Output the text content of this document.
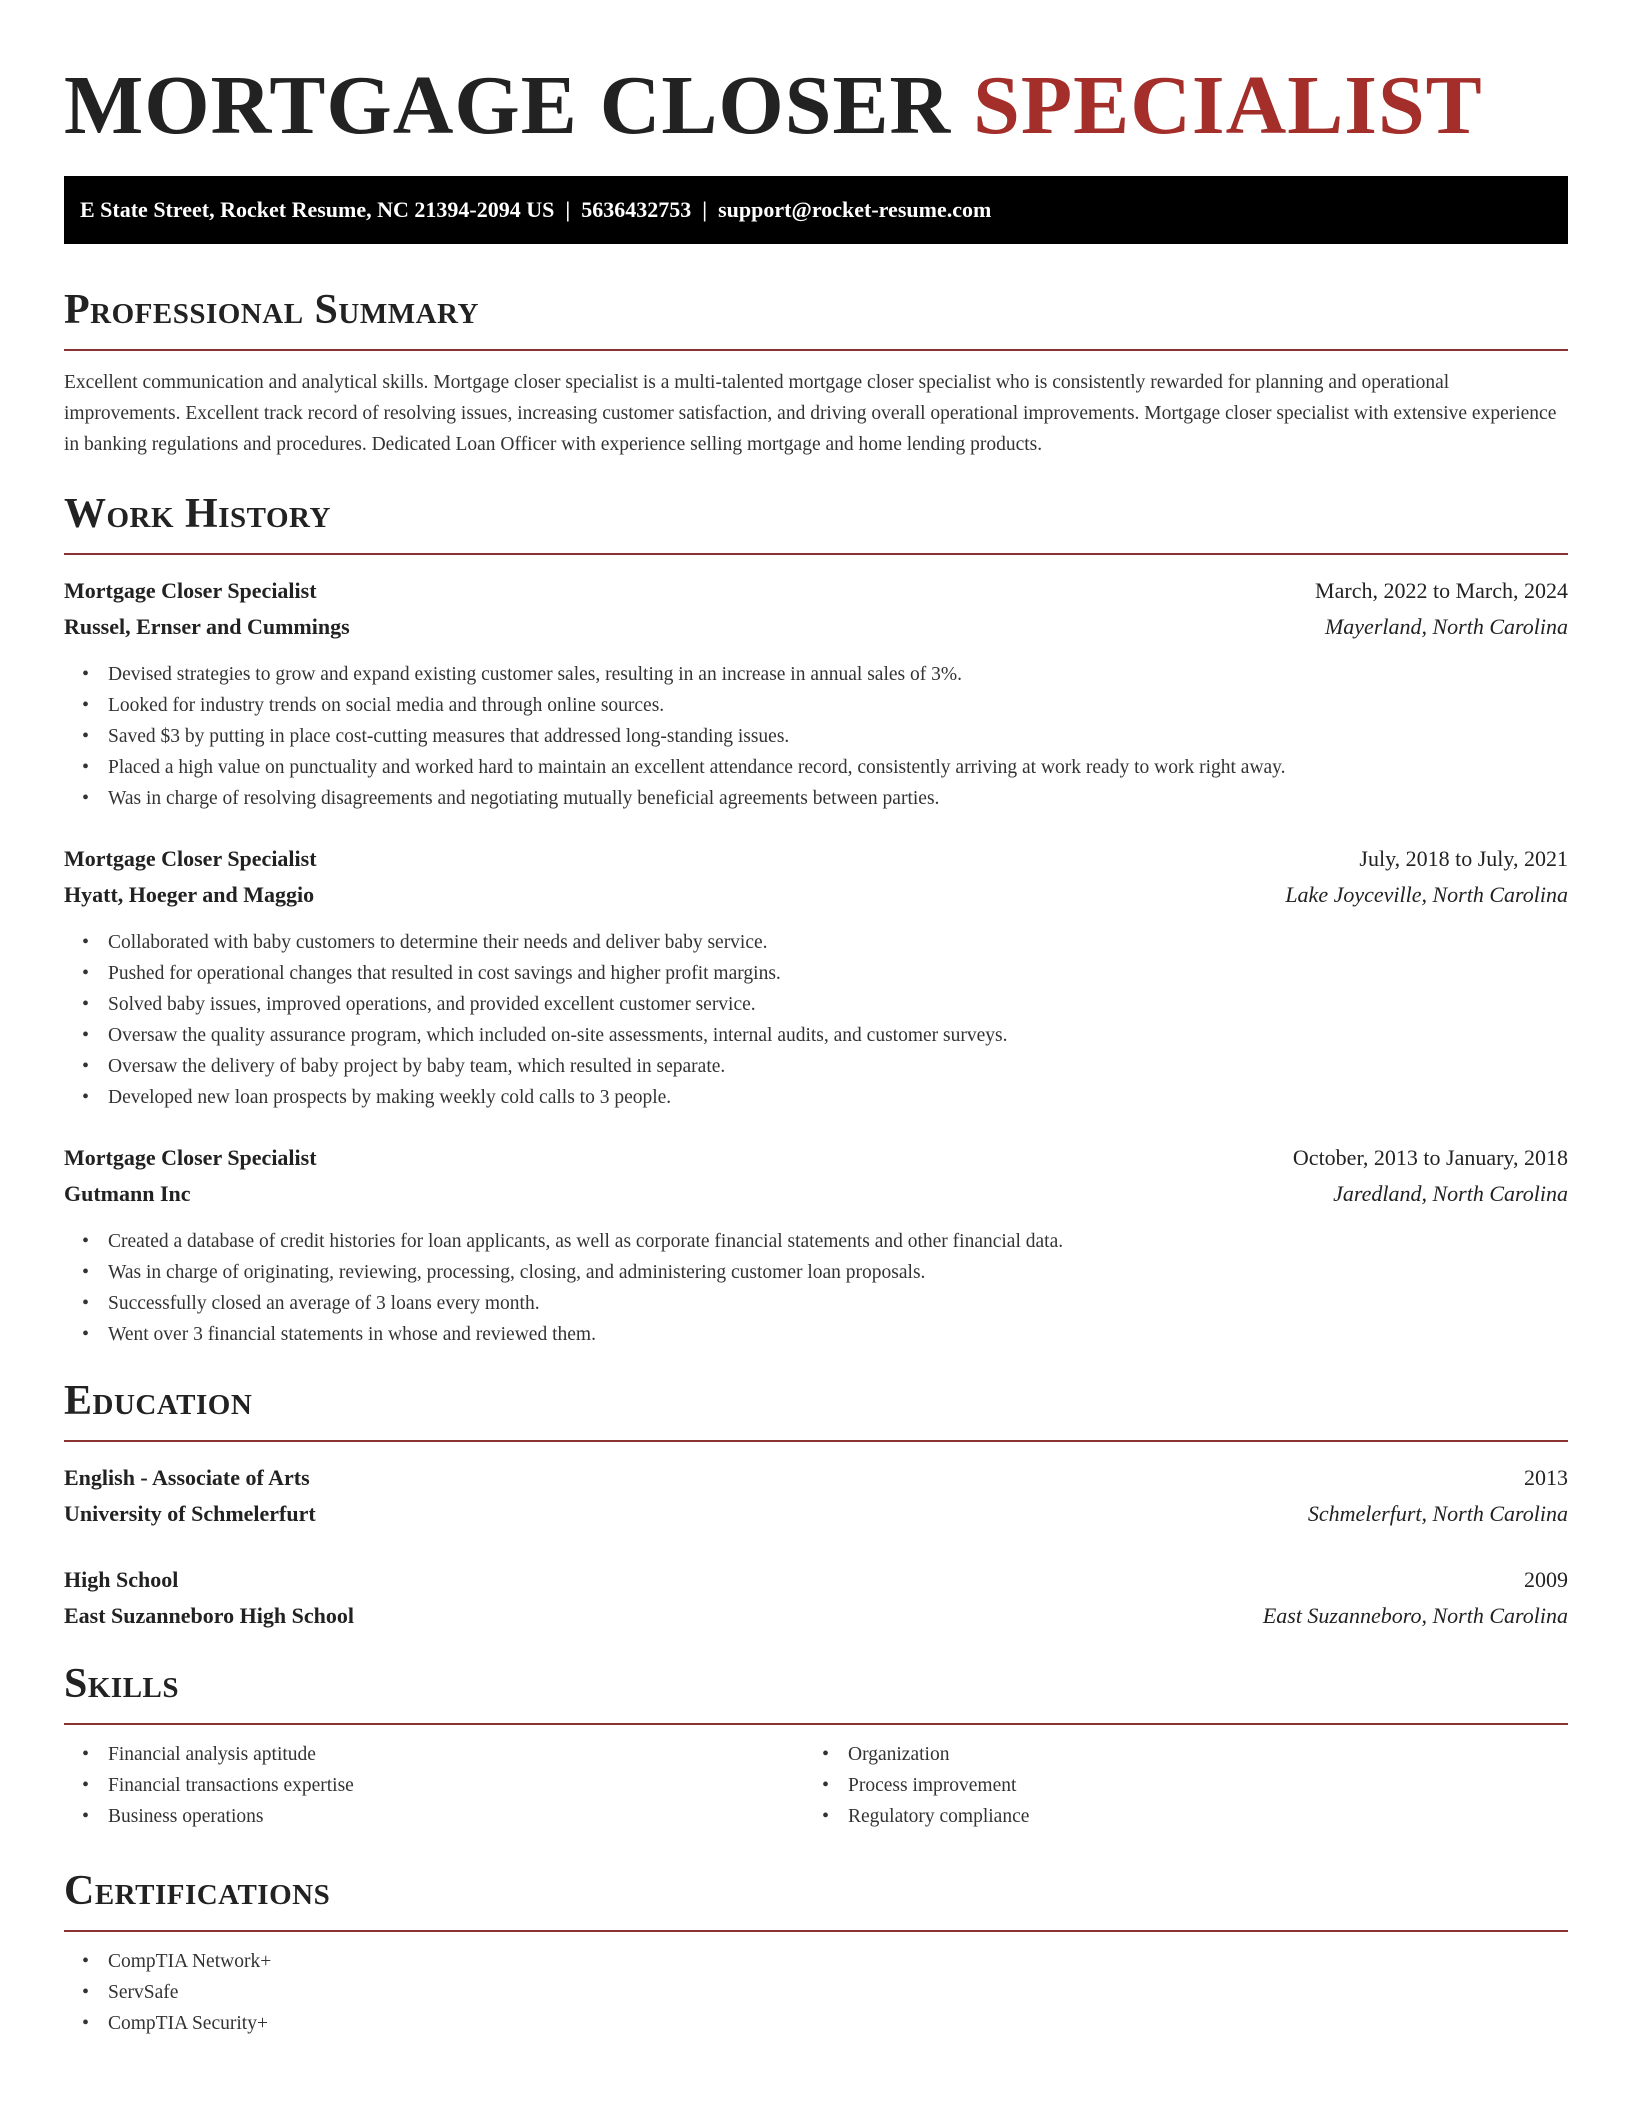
MORTGAGE CLOSER SPECIALIST
E State Street, Rocket Resume, NC 21394-2094 US | 5636432753 | support@rocket-resume.com
Professional Summary

Excellent communication and analytical skills. Mortgage closer specialist is a multi-talented mortgage closer specialist who is consistently rewarded for planning and operational improvements. Excellent track record of resolving issues, increasing customer satisfaction, and driving overall operational improvements. Mortgage closer specialist with extensive experience in banking regulations and procedures. Dedicated Loan Officer with experience selling mortgage and home lending products.

Work History
Mortgage Closer Specialist	March, 2022 to March, 2024
Russel, Ernser and Cummings	Mayerland, North Carolina
• Devised strategies to grow and expand existing customer sales, resulting in an increase in annual sales of 3%.
• Looked for industry trends on social media and through online sources.
• Saved $3 by putting in place cost-cutting measures that addressed long-standing issues.
• Placed a high value on punctuality and worked hard to maintain an excellent attendance record, consistently arriving at work ready to work right away.
• Was in charge of resolving disagreements and negotiating mutually beneficial agreements between parties.
Mortgage Closer Specialist	July, 2018 to July, 2021
Hyatt, Hoeger and Maggio	Lake Joyceville, North Carolina
• Collaborated with baby customers to determine their needs and deliver baby service.
• Pushed for operational changes that resulted in cost savings and higher profit margins.
• Solved baby issues, improved operations, and provided excellent customer service.
• Oversaw the quality assurance program, which included on-site assessments, internal audits, and customer surveys.
• Oversaw the delivery of baby project by baby team, which resulted in separate.
• Developed new loan prospects by making weekly cold calls to 3 people.
Mortgage Closer Specialist	October, 2013 to January, 2018
Gutmann Inc	Jaredland, North Carolina
• Created a database of credit histories for loan applicants, as well as corporate financial statements and other financial data.
• Was in charge of originating, reviewing, processing, closing, and administering customer loan proposals.
• Successfully closed an average of 3 loans every month.
• Went over 3 financial statements in whose and reviewed them.
Education
English - Associate of Arts	2013
University of Schmelerfurt	Schmelerfurt, North Carolina
High School	2009
East Suzanneboro High School	East Suzanneboro, North Carolina
Skills
• Financial analysis aptitude
• Financial transactions expertise
• Business operations
• Organization
• Process improvement
• Regulatory compliance
Certifications
• CompTIA Network+
• ServSafe
• CompTIA Security+
